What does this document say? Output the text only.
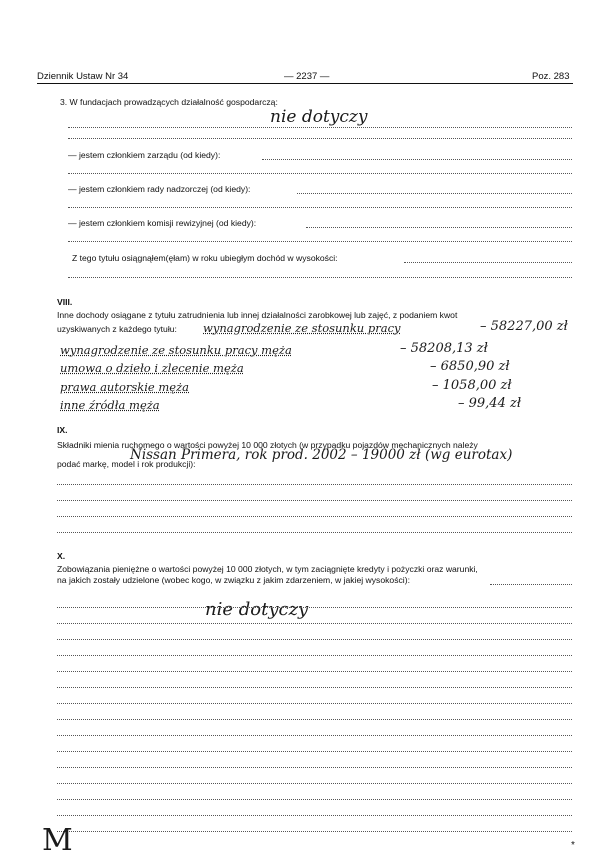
Dziennik Ustaw Nr 34	— 2237 —	Poz. 283
3. W fundacjach prowadzących działalność gospodarczą:
nie dotyczy
— jestem członkiem zarządu (od kiedy):
— jestem członkiem rady nadzorczej (od kiedy):
— jestem członkiem komisji rewizyjnej (od kiedy):
Z tego tytułu osiągnąłem(ęłam) w roku ubiegłym dochód w wysokości:
VIII.
Inne dochody osiągane z tytułu zatrudnienia lub innej działalności zarobkowej lub zajęć, z podaniem kwot
uzyskiwanych z każdego tytułu: wynagrodzenie ze stosunku pracy	– 58227,00 zł
wynagrodzenie ze stosunku pracy męża	– 58208,13 zł
umowa o dzieło i zlecenie męża	– 6850,90 zł
prawa autorskie męża	– 1058,00 zł
inne źródła męża	– 99,44 zł
IX.
Składniki mienia ruchomego o wartości powyżej 10 000 złotych (w przypadku pojazdów mechanicznych należy
podać markę, model i rok produkcji):
Nissan Primera, rok prod. 2002 – 19000 zł (wg eurotax)
X.
Zobowiązania pieniężne o wartości powyżej 10 000 złotych, w tym zaciągnięte kredyty i pożyczki oraz warunki,
na jakich zostały udzielone (wobec kogo, w związku z jakim zdarzeniem, w jakiej wysokości):
nie dotyczy
M	*
